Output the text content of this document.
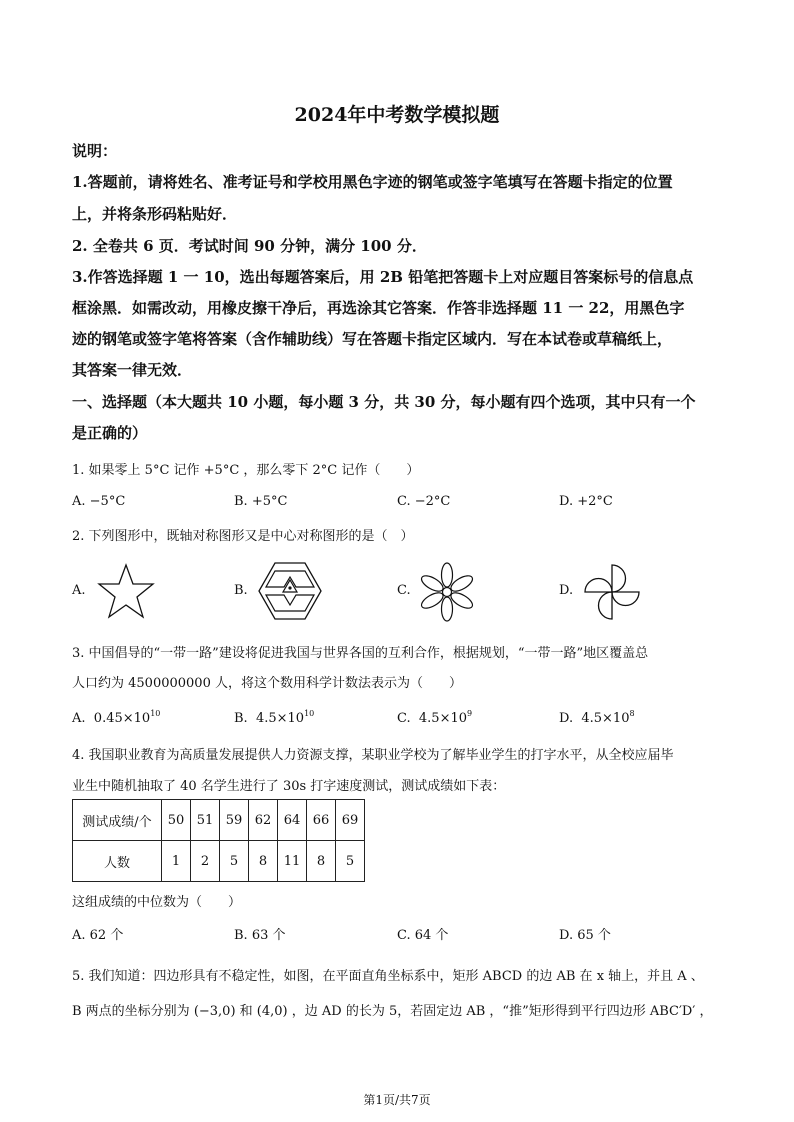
2024年中考数学模拟题
说明：
1.答题前，请将姓名、准考证号和学校用黑色字迹的钢笔或签字笔填写在答题卡指定的位置
上，并将条形码粘贴好．
2. 全卷共 6 页．考试时间 90 分钟，满分 100 分．
3.作答选择题 1 一 10，选出每题答案后，用 2B 铅笔把答题卡上对应题目答案标号的信息点
框涂黑．如需改动，用橡皮擦干净后，再选涂其它答案．作答非选择题 11 一 22，用黑色字
迹的钢笔或签字笔将答案（含作辅助线）写在答题卡指定区域内．写在本试卷或草稿纸上，
其答案一律无效．
一、选择题（本大题共 10 小题，每小题 3 分，共 30 分，每小题有四个选项，其中只有一个
是正确的）
1. 如果零上 5°C 记作 +5°C ，那么零下 2°C 记作（　　）
A. −5°C	B. +5°C	C. −2°C	D. +2°C
2. 下列图形中，既轴对称图形又是中心对称图形的是（　）
A.	B.	C.	D.
3. 中国倡导的“一带一路”建设将促进我国与世界各国的互利合作，根据规划，“一带一路”地区覆盖总
人口约为 4500000000 人，将这个数用科学计数法表示为（　　）
A. $0.45\times 10^{10}$	B. $4.5\times 10^{10}$	C. $4.5\times 10^9$	D. $4.5\times 10^8$
4. 我国职业教育为高质量发展提供人力资源支撑，某职业学校为了解毕业学生的打字水平，从全校应届毕
业生中随机抽取了 40 名学生进行了 30s 打字速度测试，测试成绩如下表：
测试成绩/个	50	51	59	62	64	66	69
人数	1	2	5	8	11	8	5
这组成绩的中位数为（　　）
A. 62 个	B. 63 个	C. 64 个	D. 65 个
5. 我们知道：四边形具有不稳定性，如图，在平面直角坐标系中，矩形 ABCD 的边 AB 在 x 轴上，并且 A 、
B 两点的坐标分别为 (−3,0) 和 (4,0) ，边 AD 的长为 5，若固定边 AB ，“推”矩形得到平行四边形 ABC′D′ ，
第1页/共7页
